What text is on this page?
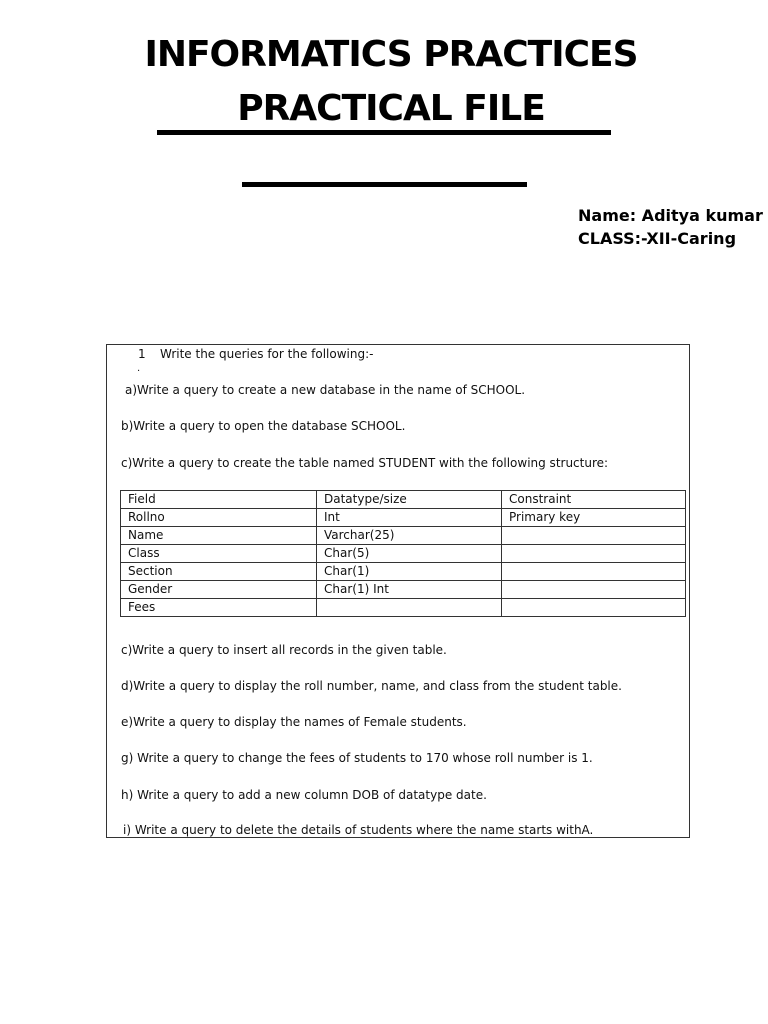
INFORMATICS PRACTICES
PRACTICAL FILE
Name: Aditya kumar
CLASS:-XII-Caring
1 Write the queries for the following:-
.
a)Write a query to create a new database in the name of SCHOOL.
b)Write a query to open the database SCHOOL.
c)Write a query to create the table named STUDENT with the following structure:
Field	Datatype/size	Constraint
Rollno	Int	Primary key
Name	Varchar(25)	
Class	Char(5)	
Section	Char(1)	
Gender	Char(1) Int	
Fees		
c)Write a query to insert all records in the given table.
d)Write a query to display the roll number, name, and class from the student table.
e)Write a query to display the names of Female students.
g) Write a query to change the fees of students to 170 whose roll number is 1.
h) Write a query to add a new column DOB of datatype date.
i) Write a query to delete the details of students where the name starts withA.
